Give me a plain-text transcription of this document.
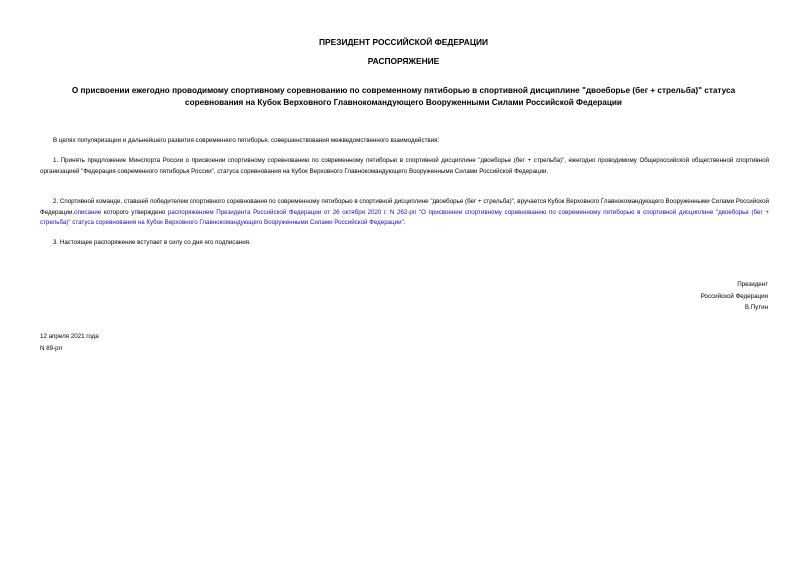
ПРЕЗИДЕНТ РОССИЙСКОЙ ФЕДЕРАЦИИ
РАСПОРЯЖЕНИЕ
О присвоении ежегодно проводимому спортивному соревнованию по современному пятиборью в спортивной дисциплине "двоеборье (бег + стрельба)" статуса
соревнования на Кубок Верховного Главнокомандующего Вооруженными Силами Российской Федерации
В целях популяризации и дальнейшего развития современного пятиборья, совершенствования межведомственного взаимодействия:
1. Принять предложение Минспорта России о присвоении спортивному соревнованию по современному пятиборью в спортивной дисциплине "двоеборье (бег + стрельба)", ежегодно проводимому Общероссийской общественной спортивной организацией "Федерация современного пятиборья России", статуса соревнования на Кубок Верховного Главнокомандующего Вооруженными Силами Российской Федерации.
2. Спортивной команде, ставшей победителем спортивного соревнования по современному пятиборью в спортивной дисциплине "двоеборье (бег + стрельба)", вручается Кубок Верховного Главнокомандующего Вооруженными Силами Российской Федерации,описание которого утверждено распоряжением Президента Российской Федерации от 26 октября 2020 г. N 262-рп "О присвоении спортивному соревнованию по современному пятиборью в спортивной дисциплине "двоеборье (бег + стрельба)" статуса соревнования на Кубок Верховного Главнокомандующего Вооруженными Силами Российской Федерации".
3. Настоящее распоряжение вступает в силу со дня его подписания.
Президент
Российской Федерации
В.Путин
12 апреля 2021 года
N 89-рп
